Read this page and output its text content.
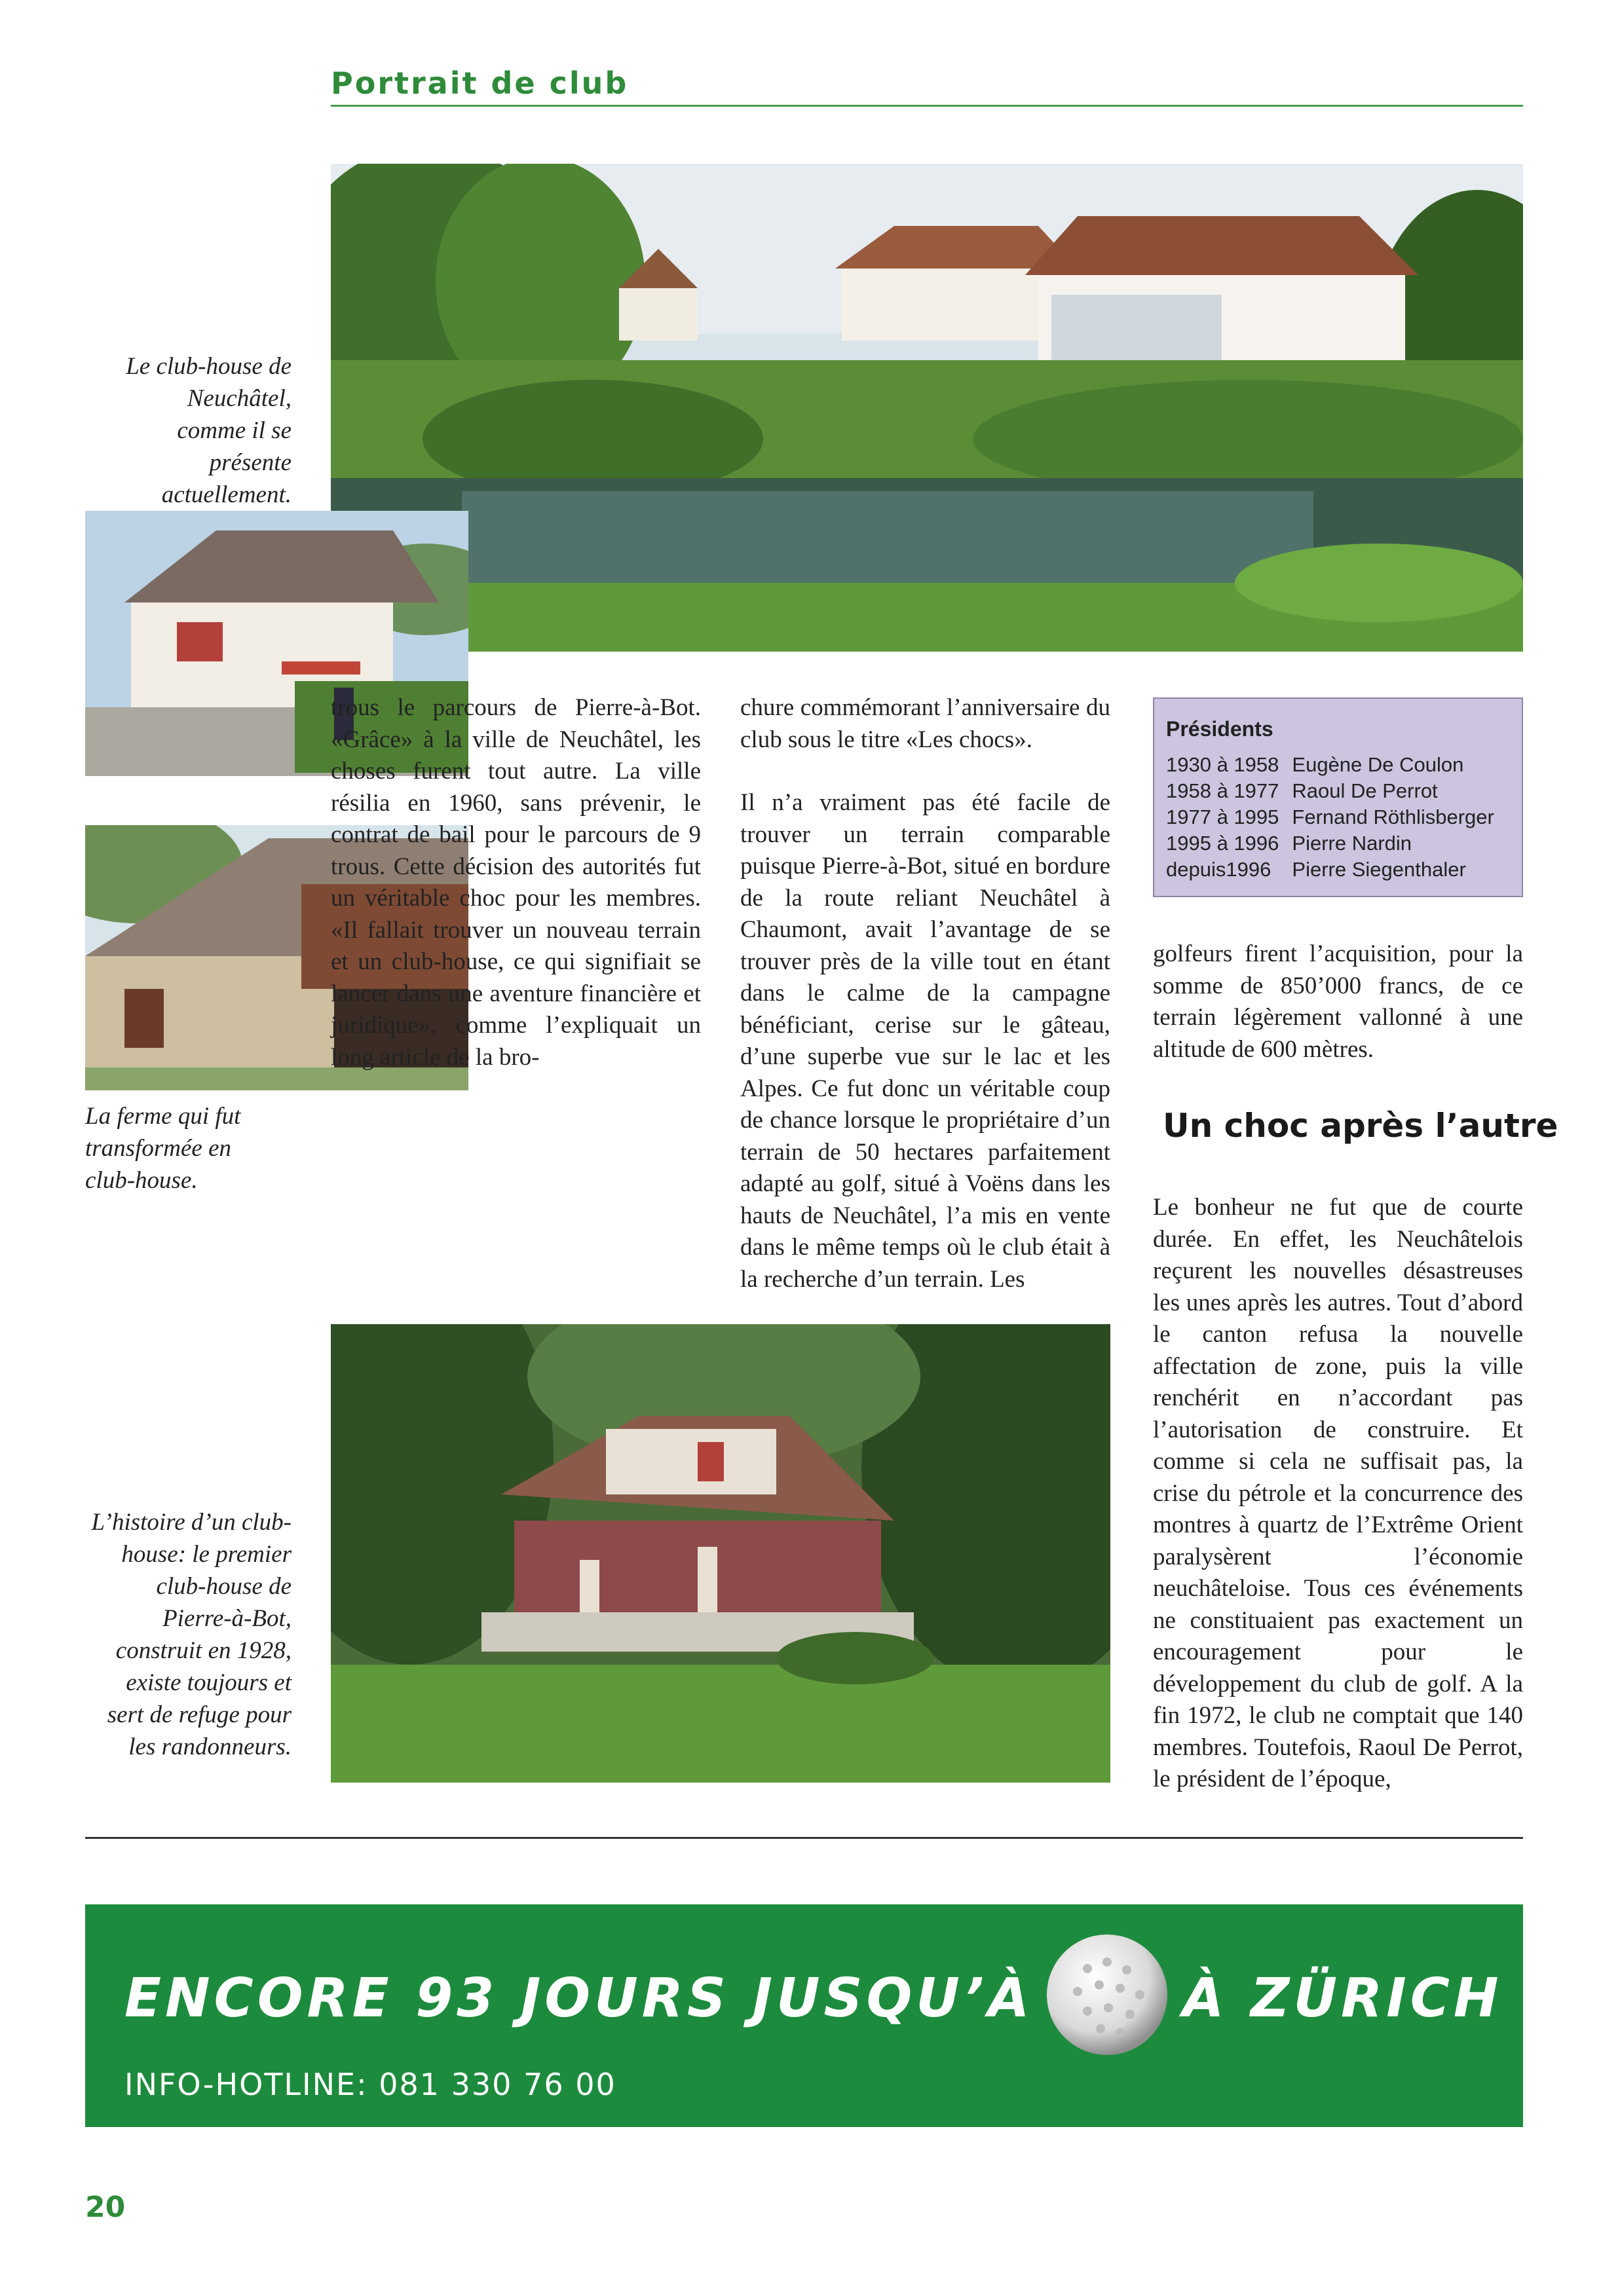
Portrait de club
Le club-house de Neuchâtel, comme il se présente actuellement.
La ferme qui fut transformée en club-house.
trous le parcours de Pierre-à-Bot. «Grâce» à la ville de Neuchâtel, les choses furent tout autre. La ville résilia en 1960, sans prévenir, le contrat de bail pour le parcours de 9 trous. Cette décision des autorités fut un véritable choc pour les membres. «Il fallait trouver un nouveau terrain et un club-house, ce qui signifiait se lancer dans une aventure financière et juridique», comme l’expliquait un long article de la bro-

chure commémorant l’anniversaire du club sous le titre «Les chocs».

Il n’a vraiment pas été facile de trouver un terrain comparable puisque Pierre-à-Bot, situé en bordure de la route reliant Neuchâtel à Chaumont, avait l’avantage de se trouver près de la ville tout en étant dans le calme de la campagne bénéficiant, cerise sur le gâteau, d’une superbe vue sur le lac et les Alpes. Ce fut donc un véritable coup de chance lorsque le propriétaire d’un terrain de 50 hectares parfaitement adapté au golf, situé à Voëns dans les hauts de Neuchâtel, l’a mis en vente dans le même temps où le club était à la recherche d’un terrain. Les

Présidents
1930 à 1958	Eugène De Coulon
1958 à 1977	Raoul De Perrot
1977 à 1995	Fernand Röthlisberger
1995 à 1996	Pierre Nardin
depuis1996	Pierre Siegenthaler

golfeurs firent l’acquisition, pour la somme de 850’000 francs, de ce terrain légèrement vallonné à une altitude de 600 mètres.

Un choc après l’autre

Le bonheur ne fut que de courte durée. En effet, les Neuchâtelois reçurent les nouvelles désastreuses les unes après les autres. Tout d’abord le canton refusa la nouvelle affectation de zone, puis la ville renchérit en n’accordant pas l’autorisation de construire. Et comme si cela ne suffisait pas, la crise du pétrole et la concurrence des montres à quartz de l’Extrême Orient paralysèrent l’économie neuchâteloise. Tous ces événements ne constituaient pas exactement un encouragement pour le développement du club de golf. A la fin 1972, le club ne comptait que 140 membres. Toutefois, Raoul De Perrot, le président de l’époque,

L’histoire d’un club-house: le premier club-house de Pierre-à-Bot, construit en 1928, existe toujours et sert de refuge pour les randonneurs.
ENCORE 93 JOURS JUSQU’À	À ZÜRICH
INFO-HOTLINE: 081 330 76 00
20
